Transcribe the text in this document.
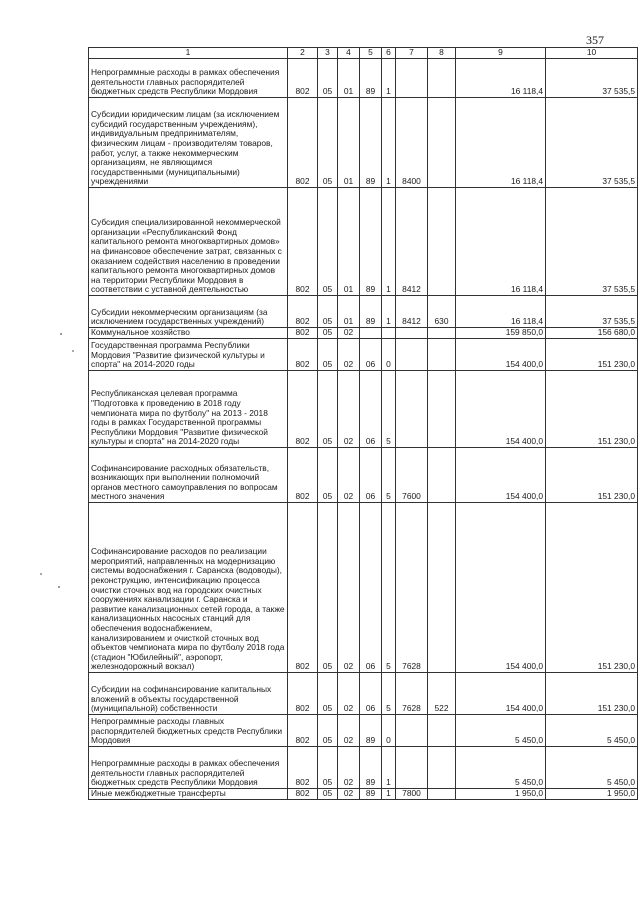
357
1	2	3	4	5	6	7	8	9	10
Непрограммные расходы в рамках обеспечения деятельности главных распорядителей бюджетных средств Республики Мордовия	802	05	01	89	1			16 118,4	37 535,5
Субсидии юридическим лицам (за исключением субсидий государственным учреждениям), индивидуальным предпринимателям, физическим лицам - производителям товаров, работ, услуг, а также некоммерческим организациям, не являющимся государственными (муниципальными) учреждениями	802	05	01	89	1	8400		16 118,4	37 535,5
Субсидия специализированной некоммерческой организации «Республиканский Фонд капитального ремонта многоквартирных домов» на финансовое обеспечение затрат, связанных с оказанием содействия населению в проведении капитального ремонта многоквартирных домов на территории Республики Мордовия в соответствии с уставной деятельностью	802	05	01	89	1	8412		16 118,4	37 535,5
Субсидии некоммерческим организациям (за исключением государственных учреждений)	802	05	01	89	1	8412	630	16 118,4	37 535,5
Коммунальное хозяйство	802	05	02					159 850,0	156 680,0
Государственная программа Республики Мордовия "Развитие физической культуры и спорта" на 2014-2020 годы	802	05	02	06	0			154 400,0	151 230,0
Республиканская целевая программа "Подготовка к проведению в 2018 году чемпионата мира по футболу" на 2013 - 2018 годы в рамках Государственной программы Республики Мордовия "Развитие физической культуры и спорта" на 2014-2020 годы	802	05	02	06	5			154 400,0	151 230,0
Софинансирование расходных обязательств, возникающих при выполнении полномочий органов местного самоуправления по вопросам местного значения	802	05	02	06	5	7600		154 400,0	151 230,0
Софинансирование расходов по реализации мероприятий, направленных на модернизацию системы водоснабжения г. Саранска (водоводы), реконструкцию, интенсификацию процесса очистки сточных вод на городских очистных сооружениях канализации г. Саранска и развитие канализационных сетей города, а также канализационных насосных станций для обеспечения водоснабжением, канализированием и очисткой сточных вод объектов чемпионата мира по футболу 2018 года (стадион "Юбилейный", аэропорт, железнодорожный вокзал)	802	05	02	06	5	7628		154 400,0	151 230,0
Субсидии на софинансирование капитальных вложений в объекты государственной (муниципальной) собственности	802	05	02	06	5	7628	522	154 400,0	151 230,0
Непрограммные расходы главных распорядителей бюджетных средств Республики Мордовия	802	05	02	89	0			5 450,0	5 450,0
Непрограммные расходы в рамках обеспечения деятельности главных распорядителей бюджетных средств Республики Мордовия	802	05	02	89	1			5 450,0	5 450,0
Иные межбюджетные трансферты	802	05	02	89	1	7800		1 950,0	1 950,0
